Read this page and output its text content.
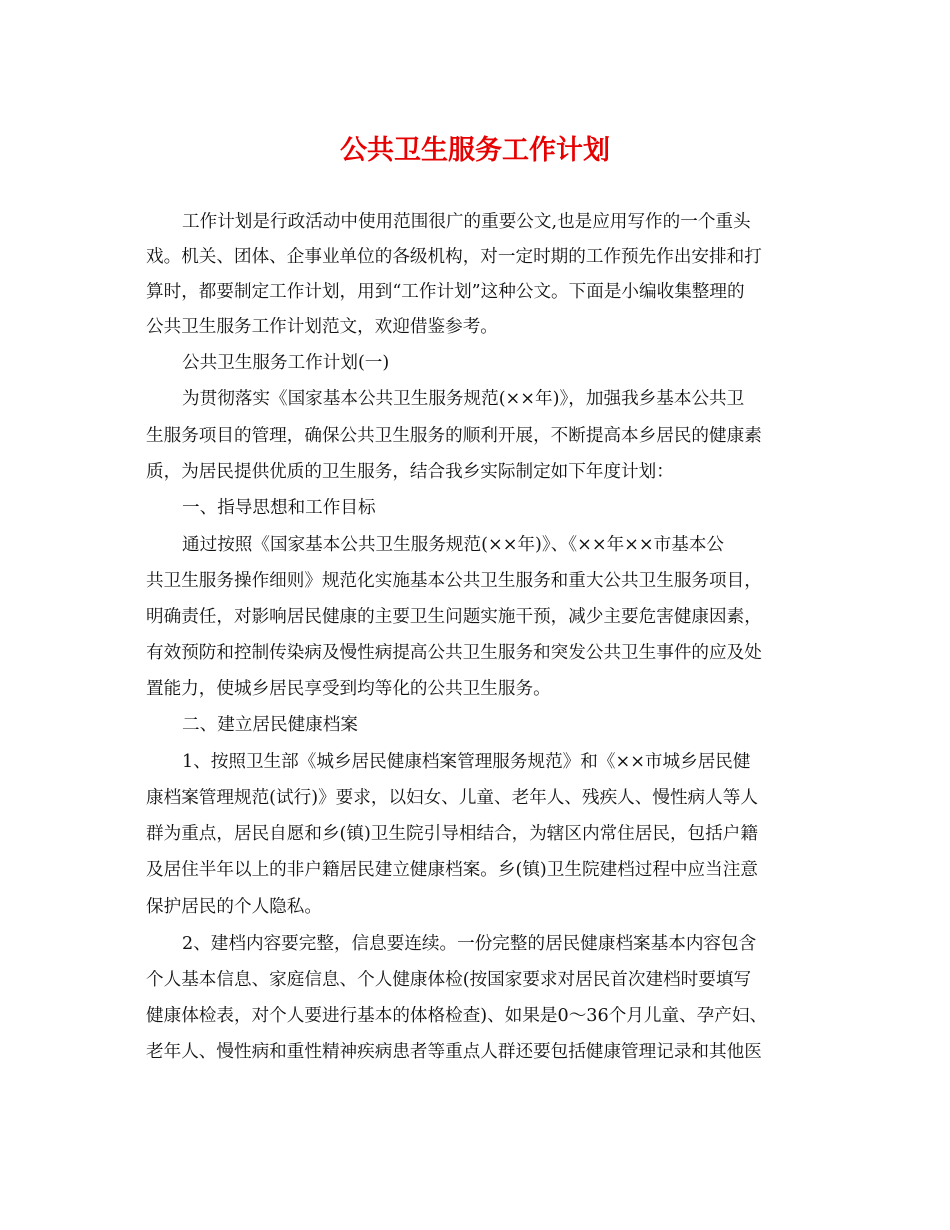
公共卫生服务工作计划

工作计划是行政活动中使用范围很广的重要公文,也是应用写作的一个重头

戏。机关、团体、企事业单位的各级机构，对一定时期的工作预先作出安排和打

算时，都要制定工作计划，用到“工作计划”这种公文。下面是小编收集整理的

公共卫生服务工作计划范文，欢迎借鉴参考。

公共卫生服务工作计划(一)

为贯彻落实《国家基本公共卫生服务规范(××年)》，加强我乡基本公共卫

生服务项目的管理，确保公共卫生服务的顺利开展，不断提高本乡居民的健康素

质，为居民提供优质的卫生服务，结合我乡实际制定如下年度计划：

一、指导思想和工作目标

通过按照《国家基本公共卫生服务规范(××年)》、《××年××市基本公

共卫生服务操作细则》规范化实施基本公共卫生服务和重大公共卫生服务项目，

明确责任，对影响居民健康的主要卫生问题实施干预，减少主要危害健康因素，

有效预防和控制传染病及慢性病提高公共卫生服务和突发公共卫生事件的应及处

置能力，使城乡居民享受到均等化的公共卫生服务。

二、建立居民健康档案

1、按照卫生部《城乡居民健康档案管理服务规范》和《××市城乡居民健

康档案管理规范(试行)》要求，以妇女、儿童、老年人、残疾人、慢性病人等人

群为重点，居民自愿和乡(镇)卫生院引导相结合，为辖区内常住居民，包括户籍

及居住半年以上的非户籍居民建立健康档案。乡(镇)卫生院建档过程中应当注意

保护居民的个人隐私。

2、建档内容要完整，信息要连续。一份完整的居民健康档案基本内容包含

个人基本信息、家庭信息、个人健康体检(按国家要求对居民首次建档时要填写

健康体检表，对个人要进行基本的体格检查)、如果是0～36个月儿童、孕产妇、

老年人、慢性病和重性精神疾病患者等重点人群还要包括健康管理记录和其他医
